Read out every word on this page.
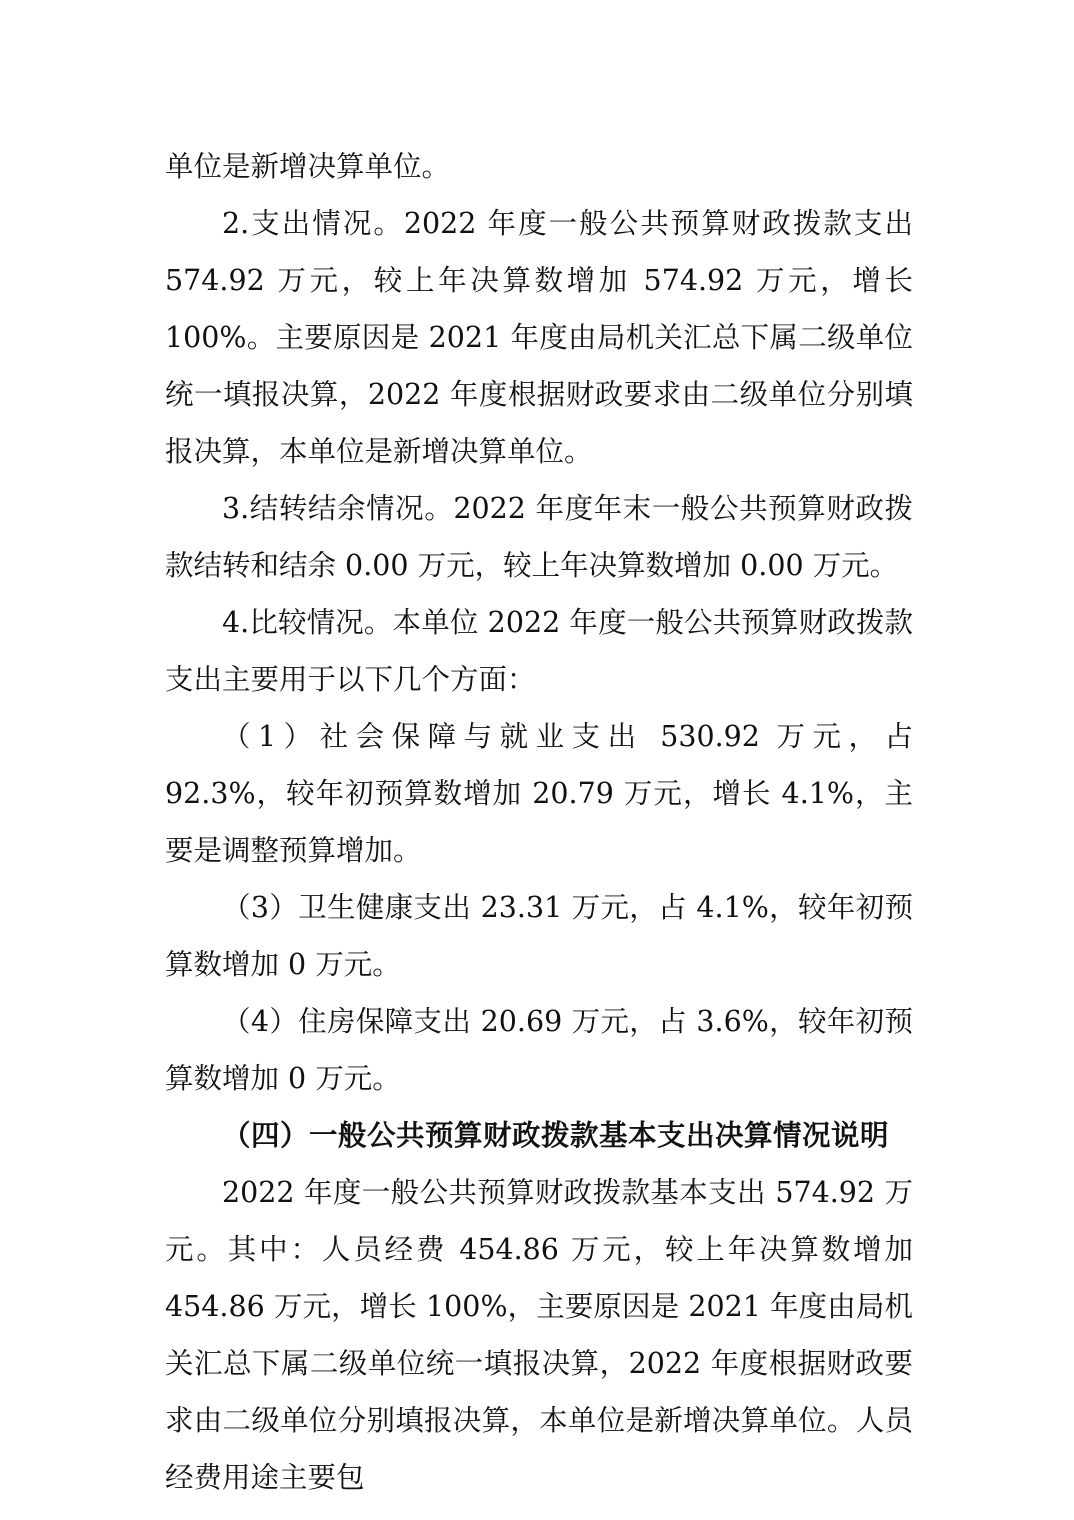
单位是新增决算单位。

2.支出情况。2022 年度一般公共预算财政拨款支出 574.92 万元，较上年决算数增加 574.92 万元，增长 100%。主要原因是 2021 年度由局机关汇总下属二级单位统一填报决算，2022 年度根据财政要求由二级单位分别填报决算，本单位是新增决算单位。

3.结转结余情况。2022 年度年末一般公共预算财政拨款结转和结余 0.00 万元，较上年决算数增加 0.00 万元。

4.比较情况。本单位 2022 年度一般公共预算财政拨款支出主要用于以下几个方面：

（1）社会保障与就业支出 530.92 万元，占 92.3%，较年初预算数增加 20.79 万元，增长 4.1%，主要是调整预算增加。

（3）卫生健康支出 23.31 万元，占 4.1%，较年初预算数增加 0 万元。

（4）住房保障支出 20.69 万元，占 3.6%，较年初预算数增加 0 万元。

（四）一般公共预算财政拨款基本支出决算情况说明

2022 年度一般公共预算财政拨款基本支出 574.92 万元。其中：人员经费 454.86 万元，较上年决算数增加 454.86 万元，增长 100%，主要原因是 2021 年度由局机关汇总下属二级单位统一填报决算，2022 年度根据财政要求由二级单位分别填报决算，本单位是新增决算单位。人员经费用途主要包
